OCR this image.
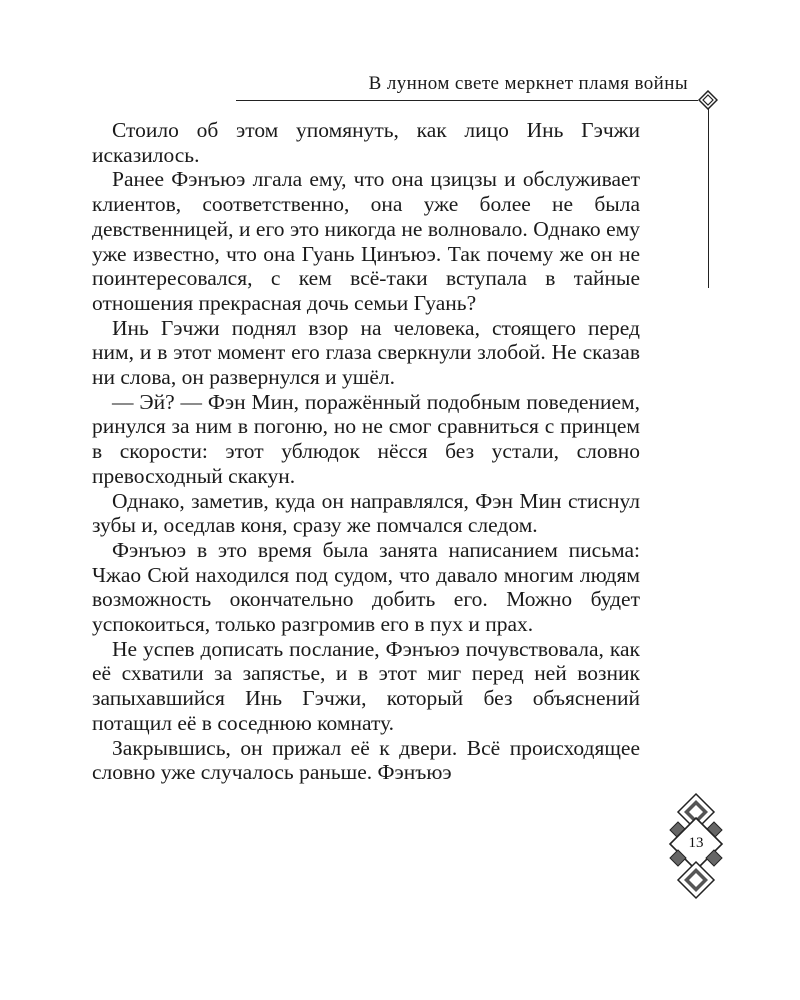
В лунном свете меркнет пламя войны

Стоило об этом упомянуть, как лицо Инь Гэчжи исказилось.

Ранее Фэнъюэ лгала ему, что она цзицзы и обслуживает клиентов, соответственно, она уже более не была девственницей, и его это никогда не волновало. Однако ему уже известно, что она Гуань Цинъюэ. Так почему же он не поинтересовался, с кем всё-таки вступала в тайные отношения прекрасная дочь семьи Гуань?

Инь Гэчжи поднял взор на человека, стоящего перед ним, и в этот момент его глаза сверкнули злобой. Не сказав ни слова, он развернулся и ушёл.

— Эй? — Фэн Мин, поражённый подобным поведением, ринулся за ним в погоню, но не смог сравниться с принцем в скорости: этот ублюдок нёсся без устали, словно превосходный скакун.

Однако, заметив, куда он направлялся, Фэн Мин стиснул зубы и, оседлав коня, сразу же помчался следом.

Фэнъюэ в это время была занята написанием письма: Чжао Сюй находился под судом, что давало многим людям возможность окончательно добить его. Можно будет успокоиться, только разгромив его в пух и прах.

Не успев дописать послание, Фэнъюэ почувствовала, как её схватили за запястье, и в этот миг перед ней возник запыхавшийся Инь Гэчжи, который без объяснений потащил её в соседнюю комнату.

Закрывшись, он прижал её к двери. Всё происходящее словно уже случалось раньше. Фэнъюэ

13
